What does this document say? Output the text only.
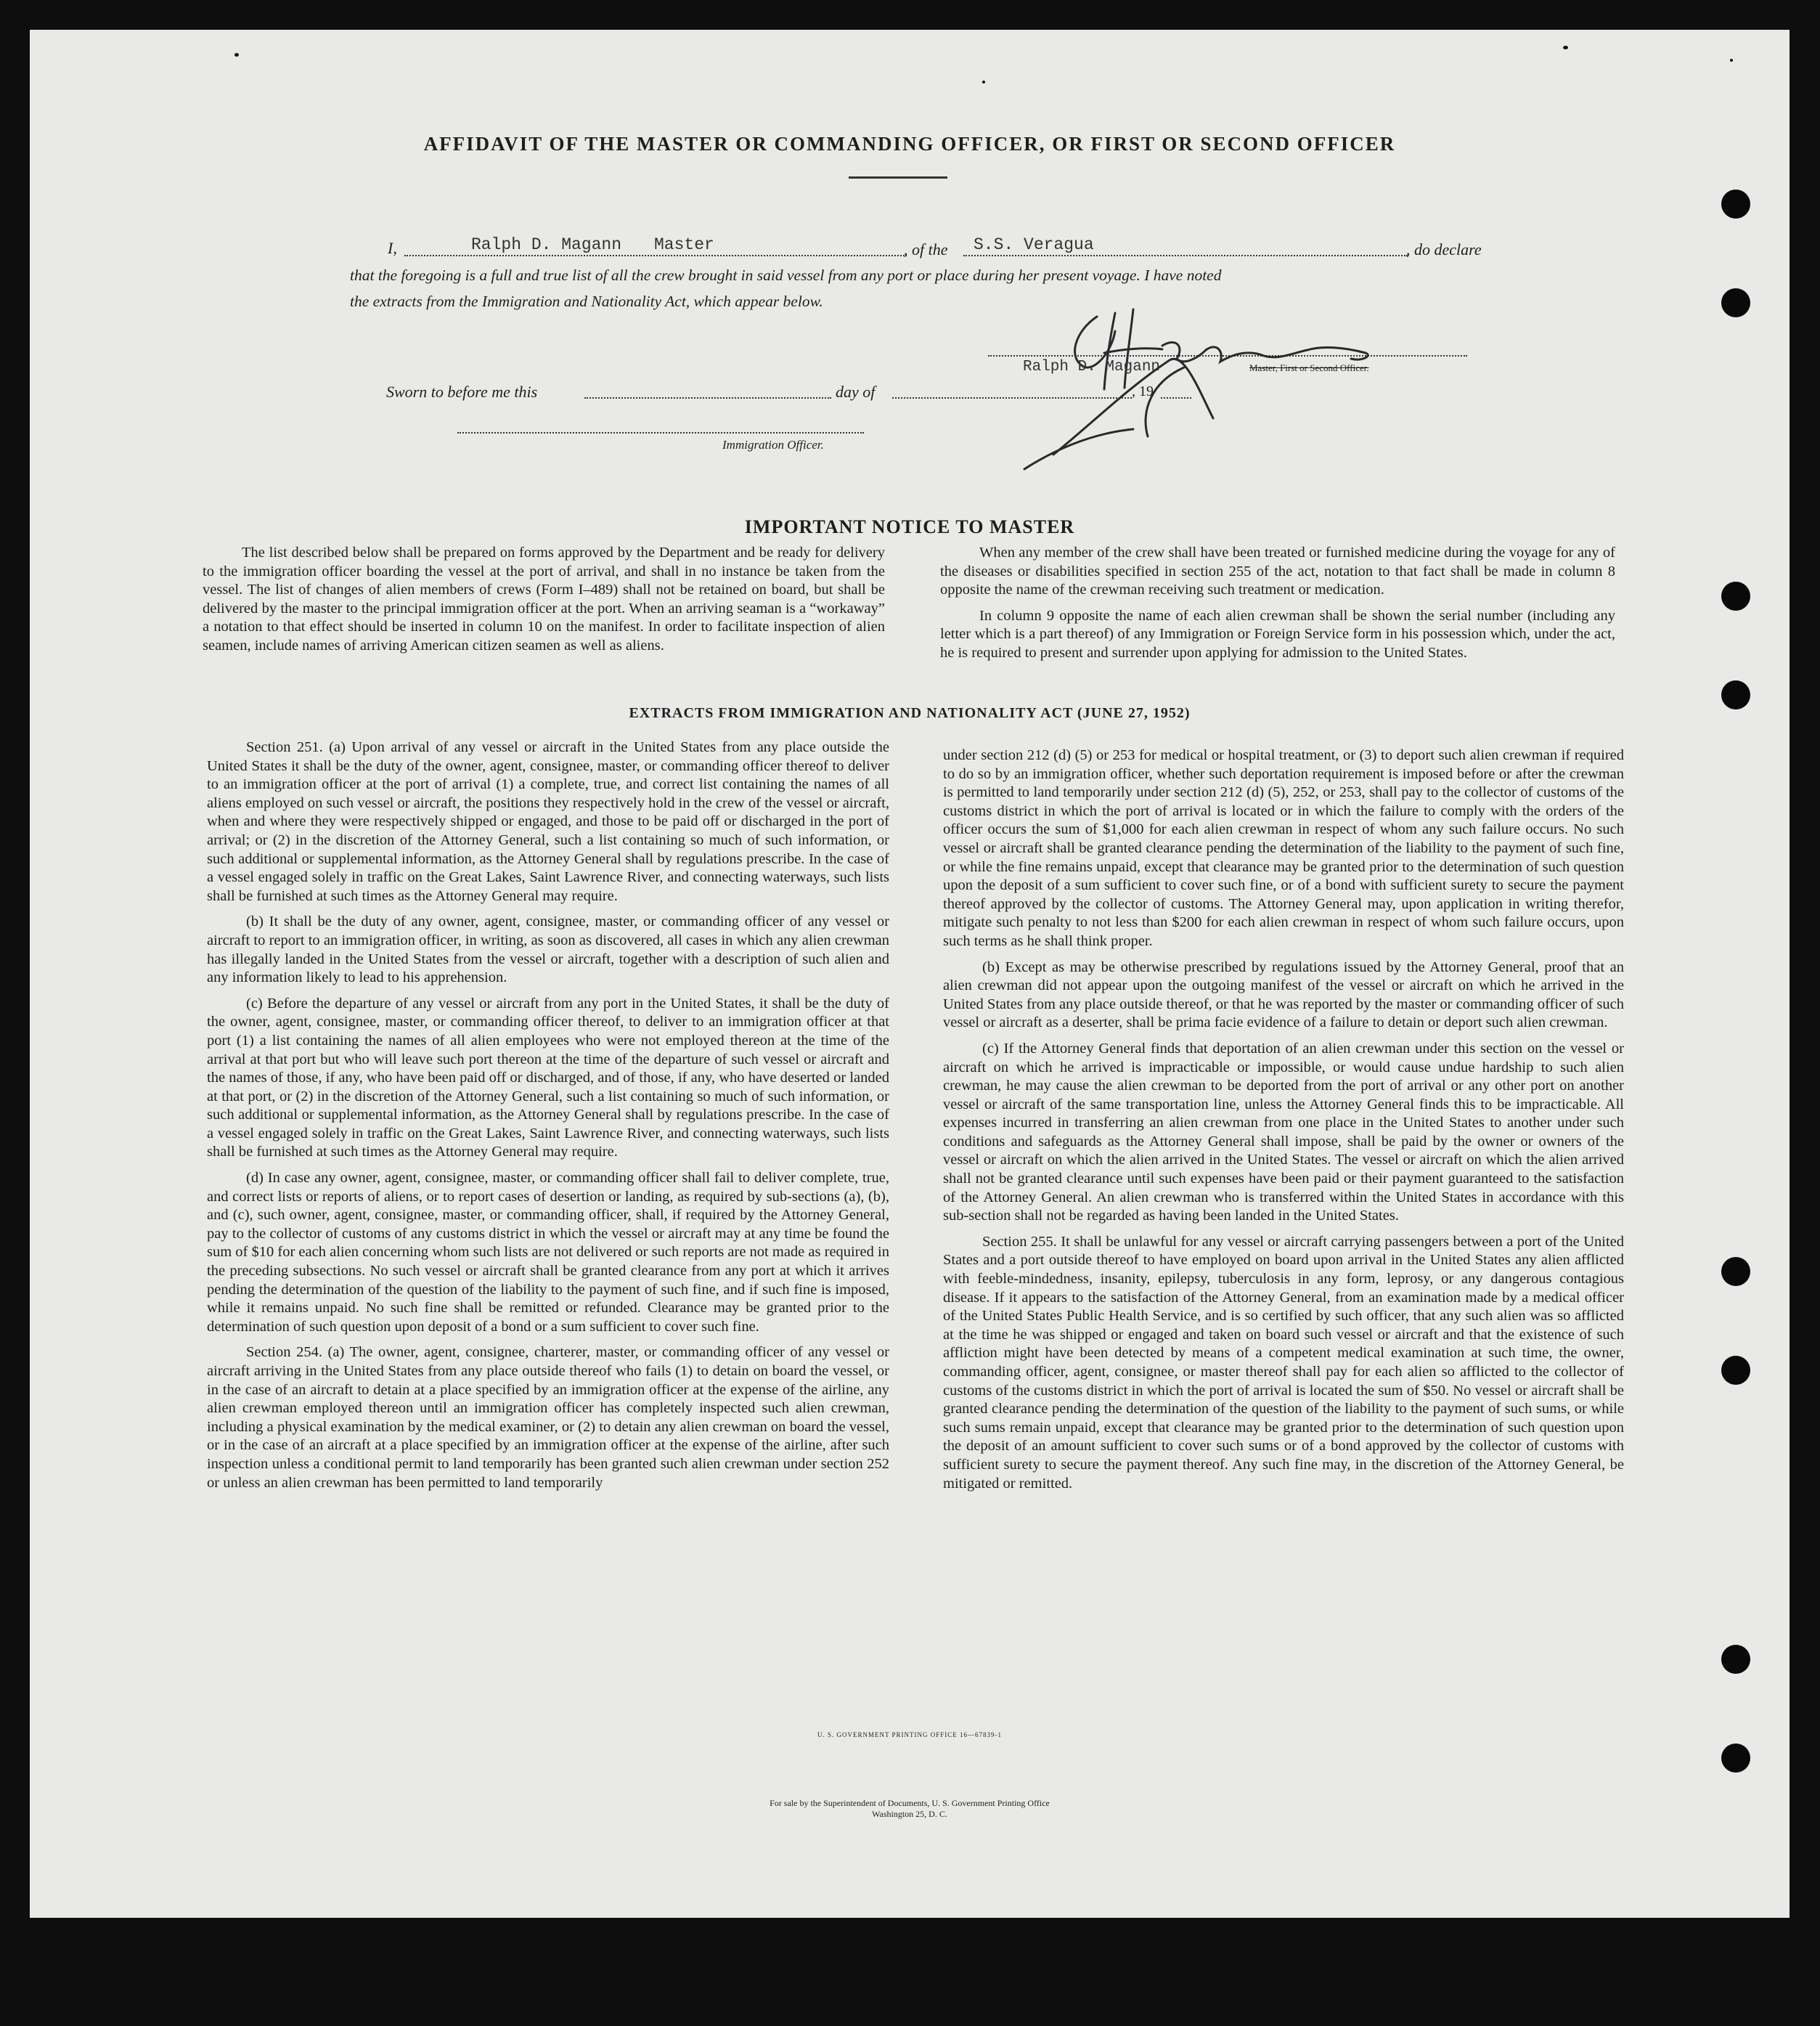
AFFIDAVIT OF THE MASTER OR COMMANDING OFFICER, OR FIRST OR SECOND OFFICER
I,	Ralph D. Magann Master	, of the S.S. Veragua	, do declare
that the foregoing is a full and true list of all the crew brought in said vessel from any port or place during her present voyage. I have noted
the extracts from the Immigration and Nationality Act, which appear below.
Ralph D. Magann	Master, First or Second Officer.
Sworn to before me this	day of	, 19
Immigration Officer.
IMPORTANT NOTICE TO MASTER

The list described below shall be prepared on forms approved by the Department and be ready for delivery to the immigration officer boarding the vessel at the port of arrival, and shall in no instance be taken from the vessel. The list of changes of alien members of crews (Form I–489) shall not be retained on board, but shall be delivered by the master to the principal immigration officer at the port. When an arriving seaman is a “workaway” a notation to that effect should be inserted in column 10 on the manifest. In order to facilitate inspection of alien seamen, include names of arriving American citizen seamen as well as aliens.

When any member of the crew shall have been treated or furnished medicine during the voyage for any of the diseases or disabilities specified in section 255 of the act, notation to that fact shall be made in column 8 opposite the name of the crewman receiving such treatment or medication.

In column 9 opposite the name of each alien crewman shall be shown the serial number (including any letter which is a part thereof) of any Immigration or Foreign Service form in his possession which, under the act, he is required to present and surrender upon applying for admission to the United States.

EXTRACTS FROM IMMIGRATION AND NATIONALITY ACT (JUNE 27, 1952)

Section 251. (a) Upon arrival of any vessel or aircraft in the United States from any place outside the United States it shall be the duty of the owner, agent, consignee, master, or commanding officer thereof to deliver to an immigration officer at the port of arrival (1) a complete, true, and correct list containing the names of all aliens employed on such vessel or aircraft, the positions they respectively hold in the crew of the vessel or aircraft, when and where they were respectively shipped or engaged, and those to be paid off or discharged in the port of arrival; or (2) in the discretion of the Attorney General, such a list containing so much of such information, or such additional or supplemental information, as the Attorney General shall by regulations prescribe. In the case of a vessel engaged solely in traffic on the Great Lakes, Saint Lawrence River, and connecting waterways, such lists shall be furnished at such times as the Attorney General may require.

(b) It shall be the duty of any owner, agent, consignee, master, or commanding officer of any vessel or aircraft to report to an immigration officer, in writing, as soon as discovered, all cases in which any alien crewman has illegally landed in the United States from the vessel or aircraft, together with a description of such alien and any information likely to lead to his apprehension.

(c) Before the departure of any vessel or aircraft from any port in the United States, it shall be the duty of the owner, agent, consignee, master, or commanding officer thereof, to deliver to an immigration officer at that port (1) a list containing the names of all alien employees who were not employed thereon at the time of the arrival at that port but who will leave such port thereon at the time of the departure of such vessel or aircraft and the names of those, if any, who have been paid off or discharged, and of those, if any, who have deserted or landed at that port, or (2) in the discretion of the Attorney General, such a list containing so much of such information, or such additional or supplemental information, as the Attorney General shall by regulations prescribe. In the case of a vessel engaged solely in traffic on the Great Lakes, Saint Lawrence River, and connecting waterways, such lists shall be furnished at such times as the Attorney General may require.

(d) In case any owner, agent, consignee, master, or commanding officer shall fail to deliver complete, true, and correct lists or reports of aliens, or to report cases of desertion or landing, as required by sub-sections (a), (b), and (c), such owner, agent, consignee, master, or commanding officer, shall, if required by the Attorney General, pay to the collector of customs of any customs district in which the vessel or aircraft may at any time be found the sum of $10 for each alien concerning whom such lists are not delivered or such reports are not made as required in the preceding subsections. No such vessel or aircraft shall be granted clearance from any port at which it arrives pending the determination of the question of the liability to the payment of such fine, and if such fine is imposed, while it remains unpaid. No such fine shall be remitted or refunded. Clearance may be granted prior to the determination of such question upon deposit of a bond or a sum sufficient to cover such fine.

Section 254. (a) The owner, agent, consignee, charterer, master, or commanding officer of any vessel or aircraft arriving in the United States from any place outside thereof who fails (1) to detain on board the vessel, or in the case of an aircraft to detain at a place specified by an immigration officer at the expense of the airline, any alien crewman employed thereon until an immigration officer has completely inspected such alien crewman, including a physical examination by the medical examiner, or (2) to detain any alien crewman on board the vessel, or in the case of an aircraft at a place specified by an immigration officer at the expense of the airline, after such inspection unless a conditional permit to land temporarily has been granted such alien crewman under section 252 or unless an alien crewman has been permitted to land temporarily

under section 212 (d) (5) or 253 for medical or hospital treatment, or (3) to deport such alien crewman if required to do so by an immigration officer, whether such deportation requirement is imposed before or after the crewman is permitted to land temporarily under section 212 (d) (5), 252, or 253, shall pay to the collector of customs of the customs district in which the port of arrival is located or in which the failure to comply with the orders of the officer occurs the sum of $1,000 for each alien crewman in respect of whom any such failure occurs. No such vessel or aircraft shall be granted clearance pending the determination of the liability to the payment of such fine, or while the fine remains unpaid, except that clearance may be granted prior to the determination of such question upon the deposit of a sum sufficient to cover such fine, or of a bond with sufficient surety to secure the payment thereof approved by the collector of customs. The Attorney General may, upon application in writing therefor, mitigate such penalty to not less than $200 for each alien crewman in respect of whom such failure occurs, upon such terms as he shall think proper.

(b) Except as may be otherwise prescribed by regulations issued by the Attorney General, proof that an alien crewman did not appear upon the outgoing manifest of the vessel or aircraft on which he arrived in the United States from any place outside thereof, or that he was reported by the master or commanding officer of such vessel or aircraft as a deserter, shall be prima facie evidence of a failure to detain or deport such alien crewman.

(c) If the Attorney General finds that deportation of an alien crewman under this section on the vessel or aircraft on which he arrived is impracticable or impossible, or would cause undue hardship to such alien crewman, he may cause the alien crewman to be deported from the port of arrival or any other port on another vessel or aircraft of the same transportation line, unless the Attorney General finds this to be impracticable. All expenses incurred in transferring an alien crewman from one place in the United States to another under such conditions and safeguards as the Attorney General shall impose, shall be paid by the owner or owners of the vessel or aircraft on which the alien arrived in the United States. The vessel or aircraft on which the alien arrived shall not be granted clearance until such expenses have been paid or their payment guaranteed to the satisfaction of the Attorney General. An alien crewman who is transferred within the United States in accordance with this sub-section shall not be regarded as having been landed in the United States.

Section 255. It shall be unlawful for any vessel or aircraft carrying passengers between a port of the United States and a port outside thereof to have employed on board upon arrival in the United States any alien afflicted with feeble-mindedness, insanity, epilepsy, tuberculosis in any form, leprosy, or any dangerous contagious disease. If it appears to the satisfaction of the Attorney General, from an examination made by a medical officer of the United States Public Health Service, and is so certified by such officer, that any such alien was so afflicted at the time he was shipped or engaged and taken on board such vessel or aircraft and that the existence of such affliction might have been detected by means of a competent medical examination at such time, the owner, commanding officer, agent, consignee, or master thereof shall pay for each alien so afflicted to the collector of customs of the customs district in which the port of arrival is located the sum of $50. No vessel or aircraft shall be granted clearance pending the determination of the question of the liability to the payment of such sums, or while such sums remain unpaid, except that clearance may be granted prior to the determination of such question upon the deposit of an amount sufficient to cover such sums or of a bond approved by the collector of customs with sufficient surety to secure the payment thereof. Any such fine may, in the discretion of the Attorney General, be mitigated or remitted.

U. S. GOVERNMENT PRINTING OFFICE 16—67839-1
For sale by the Superintendent of Documents, U. S. Government Printing Office
Washington 25, D. C.
